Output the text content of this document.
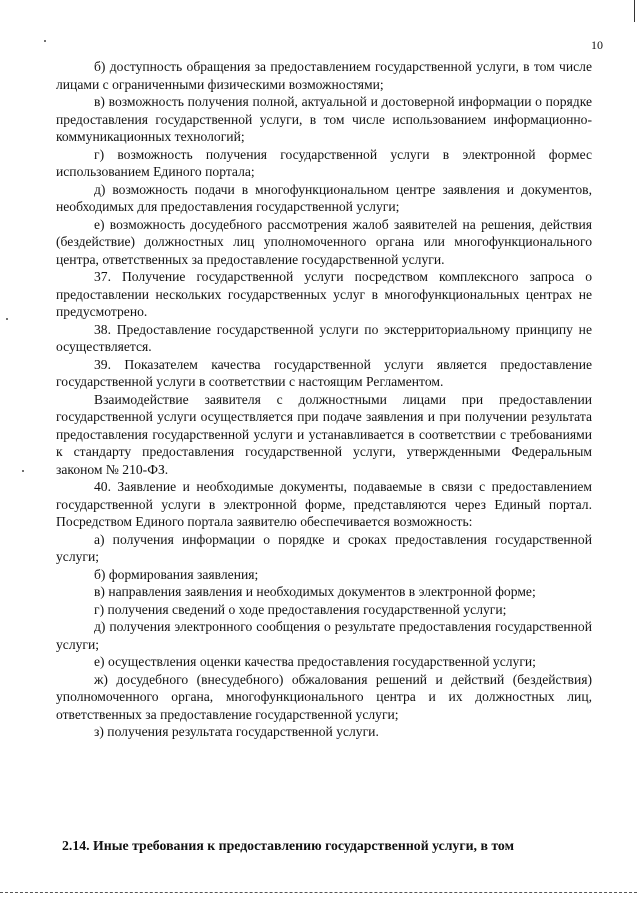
10

б) доступность обращения за предоставлением государственной услуги, в том числе лицами с ограниченными физическими возможностями;

в) возможность получения полной, актуальной и достоверной информации о порядке предоставления государственной услуги, в том числе использованием информационно-коммуникационных технологий;

г) возможность получения государственной услуги в электронной формес использованием Единого портала;

д) возможность подачи в многофункциональном центре заявления и документов, необходимых для предоставления государственной услуги;

е) возможность досудебного рассмотрения жалоб заявителей на решения, действия (бездействие) должностных лиц уполномоченного органа или многофункционального центра, ответственных за предоставление государственной услуги.

37. Получение государственной услуги посредством комплексного запроса о предоставлении нескольких государственных услуг в многофункциональных центрах не предусмотрено.

38. Предоставление государственной услуги по экстерриториальному принципу не осуществляется.

39. Показателем качества государственной услуги является предоставление государственной услуги в соответствии с настоящим Регламентом.

Взаимодействие заявителя с должностными лицами при предоставлении государственной услуги осуществляется при подаче заявления и при получении результата предоставления государственной услуги и устанавливается в соответствии с требованиями к стандарту предоставления государственной услуги, утвержденными Федеральным законом № 210-ФЗ.

40. Заявление и необходимые документы, подаваемые в связи с предоставлением государственной услуги в электронной форме, представляются через Единый портал. Посредством Единого портала заявителю обеспечивается возможность:

а) получения информации о порядке и сроках предоставления государственной услуги;

б) формирования заявления;

в) направления заявления и необходимых документов в электронной форме;

г) получения сведений о ходе предоставления государственной услуги;

д) получения электронного сообщения о результате предоставления государственной услуги;

е) осуществления оценки качества предоставления государственной услуги;

ж) досудебного (внесудебного) обжалования решений и действий (бездействия) уполномоченного органа, многофункционального центра и их должностных лиц, ответственных за предоставление государственной услуги;

з) получения результата государственной услуги.

2.14. Иные требования к предоставлению государственной услуги, в том
